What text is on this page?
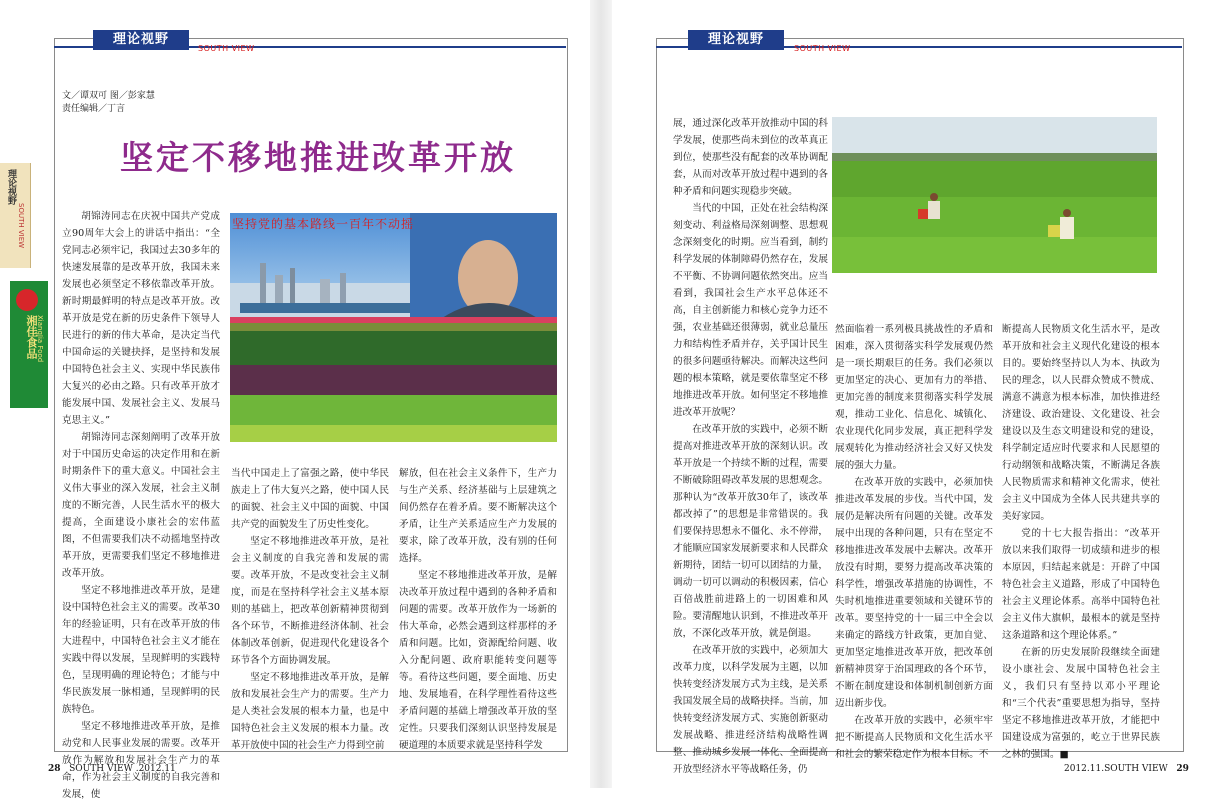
理论视野
SOUTH VIEW
文／谭双可 图／彭家慧
责任编辑／丁言
坚定不移地推进改革开放
理论视野
SOUTH VIEW
湘佳食品
XiangJia Food
坚持党的基本路线一百年不动摇

胡锦涛同志在庆祝中国共产党成立90周年大会上的讲话中指出：“全党同志必须牢记，我国过去30多年的快速发展靠的是改革开放，我国未来发展也必须坚定不移依靠改革开放。新时期最鲜明的特点是改革开放。改革开放是党在新的历史条件下领导人民进行的新的伟大革命，是决定当代中国命运的关键抉择，是坚持和发展中国特色社会主义、实现中华民族伟大复兴的必由之路。只有改革开放才能发展中国、发展社会主义、发展马克思主义。”

胡锦涛同志深刻阐明了改革开放对于中国历史命运的决定作用和在新时期条件下的重大意义。中国社会主义伟大事业的深入发展，社会主义制度的不断完善，人民生活水平的极大提高，全面建设小康社会的宏伟蓝图，不但需要我们决不动摇地坚持改革开放，更需要我们坚定不移地推进改革开放。

坚定不移地推进改革开放，是建设中国特色社会主义的需要。改革30年的经验证明，只有在改革开放的伟大进程中，中国特色社会主义才能在实践中得以发展，呈现鲜明的实践特色，呈现明确的理论特色；才能与中华民族发展一脉相通，呈现鲜明的民族特色。

坚定不移地推进改革开放，是推动党和人民事业发展的需要。改革开放作为解放和发展社会生产力的革命，作为社会主义制度的自我完善和发展，使

当代中国走上了富强之路，使中华民族走上了伟大复兴之路，使中国人民的面貌、社会主义中国的面貌、中国共产党的面貌发生了历史性变化。

坚定不移地推进改革开放，是社会主义制度的自我完善和发展的需要。改革开放，不是改变社会主义制度，而是在坚持科学社会主义基本原则的基础上，把改革创新精神贯彻到各个环节，不断推进经济体制、社会体制改革创新，促进现代化建设各个环节各个方面协调发展。

坚定不移地推进改革开放，是解放和发展社会生产力的需要。生产力是人类社会发展的根本力量，也是中国特色社会主义发展的根本力量。改革开放使中国的社会生产力得到空前

解放，但在社会主义条件下，生产力与生产关系、经济基础与上层建筑之间仍然存在着矛盾。要不断解决这个矛盾，让生产关系适应生产力发展的要求，除了改革开放，没有别的任何选择。

坚定不移地推进改革开放，是解决改革开放过程中遇到的各种矛盾和问题的需要。改革开放作为一场新的伟大革命，必然会遇到这样那样的矛盾和问题。比如，资源配给问题、收入分配问题、政府职能转变问题等等。看待这些问题，要全面地、历史地、发展地看，在科学理性看待这些矛盾问题的基础上增强改革开放的坚定性。只要我们深刻认识坚持发展是硬道理的本质要求就是坚持科学发

28 SOUTH VIEW .2012.11
理论视野
SOUTH VIEW

展，通过深化改革开放推动中国的科学发展，使那些尚未到位的改革真正到位，使那些没有配套的改革协调配套，从而对改革开放过程中遇到的各种矛盾和问题实现稳步突破。

当代的中国，正处在社会结构深刻变动、利益格局深刻调整、思想观念深刻变化的时期。应当看到，制约科学发展的体制障碍仍然存在，发展不平衡、不协调问题依然突出。应当看到，我国社会生产水平总体还不高，自主创新能力和核心竞争力还不强，农业基础还很薄弱，就业总量压力和结构性矛盾并存，关乎国计民生的很多问题亟待解决。而解决这些问题的根本策略，就是要依靠坚定不移地推进改革开放。如何坚定不移地推进改革开放呢？

在改革开放的实践中，必须不断提高对推进改革开放的深刻认识。改革开放是一个持续不断的过程，需要不断破除阻碍改革发展的思想观念。那种认为“改革开放30年了，该改革都改掉了”的思想是非常错误的。我们要保持思想永不僵化、永不停滞，才能顺应国家发展新要求和人民群众新期待，团结一切可以团结的力量，调动一切可以调动的积极因素，信心百倍战胜前进路上的一切困难和风险。要清醒地认识到，不推进改革开放，不深化改革开放，就是倒退。

在改革开放的实践中，必须加大改革力度，以科学发展为主题，以加快转变经济发展方式为主线，是关系我国发展全局的战略抉择。当前，加快转变经济发展方式、实施创新驱动发展战略、推进经济结构战略性调整、推动城乡发展一体化、全面提高开放型经济水平等战略任务，仍

然面临着一系列极具挑战性的矛盾和困难，深入贯彻落实科学发展观仍然是一项长期艰巨的任务。我们必须以更加坚定的决心、更加有力的举措、更加完善的制度来贯彻落实科学发展观，推动工业化、信息化、城镇化、农业现代化同步发展，真正把科学发展观转化为推动经济社会又好又快发展的强大力量。

在改革开放的实践中，必须加快推进改革发展的步伐。当代中国，发展仍是解决所有问题的关键。改革发展中出现的各种问题，只有在坚定不移地推进改革发展中去解决。改革开放没有时期，要努力提高改革决策的科学性，增强改革措施的协调性，不失时机地推进重要领域和关键环节的改革。要坚持党的十一届三中全会以来确定的路线方针政策，更加自觉、更加坚定地推进改革开放，把改革创新精神贯穿于治国理政的各个环节，不断在制度建设和体制机制创新方面迈出新步伐。

在改革开放的实践中，必须牢牢把不断提高人民物质和文化生活水平和社会的繁荣稳定作为根本目标。不

断提高人民物质文化生活水平，是改革开放和社会主义现代化建设的根本目的。要始终坚持以人为本、执政为民的理念，以人民群众赞成不赞成、满意不满意为根本标准，加快推进经济建设、政治建设、文化建设、社会建设以及生态文明建设和党的建设，科学制定适应时代要求和人民愿望的行动纲领和战略决策，不断满足各族人民物质需求和精神文化需求，使社会主义中国成为全体人民共建共享的美好家园。

党的十七大报告指出：“改革开放以来我们取得一切成绩和进步的根本原因，归结起来就是：开辟了中国特色社会主义道路，形成了中国特色社会主义理论体系。高举中国特色社会主义伟大旗帜，最根本的就是坚持这条道路和这个理论体系。”

在新的历史发展阶段继续全面建设小康社会、发展中国特色社会主义，我们只有坚持以邓小平理论和“三个代表”重要思想为指导，坚持坚定不移地推进改革开放，才能把中国建设成为富强的，屹立于世界民族之林的强国。■

2012.11.SOUTH VIEW 29
